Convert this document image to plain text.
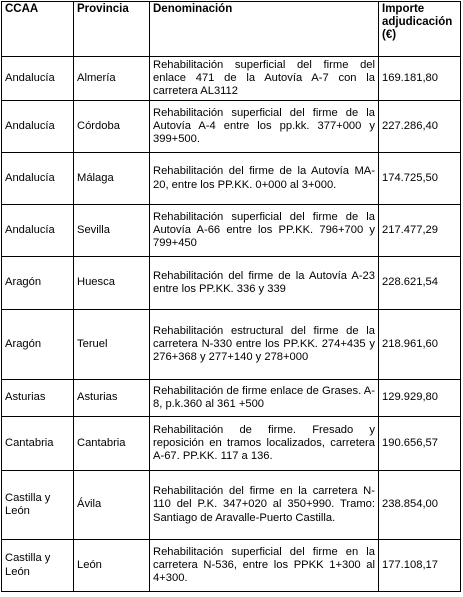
CCAA	Provincia	Denominación	Importe
adjudicación
(€)

Andalucía	Almería	Rehabilitación superficial del firme del enlace 471 de la Autovía A-7 con la carretera AL3112	169.181,80
Andalucía	Córdoba	Rehabilitación superficial del firme de la Autovía A-4 entre los pp.kk. 377+000 y 399+500.	227.286,40
Andalucía	Málaga	Rehabilitación del firme de la Autovía MA-20, entre los PP.KK. 0+000 al 3+000.	174.725,50
Andalucía	Sevilla	Rehabilitación superficial del firme de la Autovía A-66 entre los PP.KK. 796+700 y 799+450	217.477,29
Aragón	Huesca	Rehabilitación del firme de la Autovía A-23 entre los PP.KK. 336 y 339	228.621,54
Aragón	Teruel	Rehabilitación estructural del firme de la carretera N-330 entre los PP.KK. 274+435 y 276+368 y 277+140 y 278+000	218.961,60
Asturias	Asturias	Rehabilitación de firme enlace de Grases. A-8, p.k.360 al 361 +500	129.929,80
Cantabria	Cantabria	Rehabilitación de firme. Fresado y reposición en tramos localizados, carretera A-67. PP.KK. 117 a 136.	190.656,57
Castilla y León	Ávila	Rehabilitación del firme en la carretera N-110 del P.K. 347+020 al 350+990. Tramo: Santiago de Aravalle-Puerto Castilla.	238.854,00
Castilla y León	León	Rehabilitación superficial del firme en la carretera N-536, entre los PPKK 1+300 al 4+300.	177.108,17
